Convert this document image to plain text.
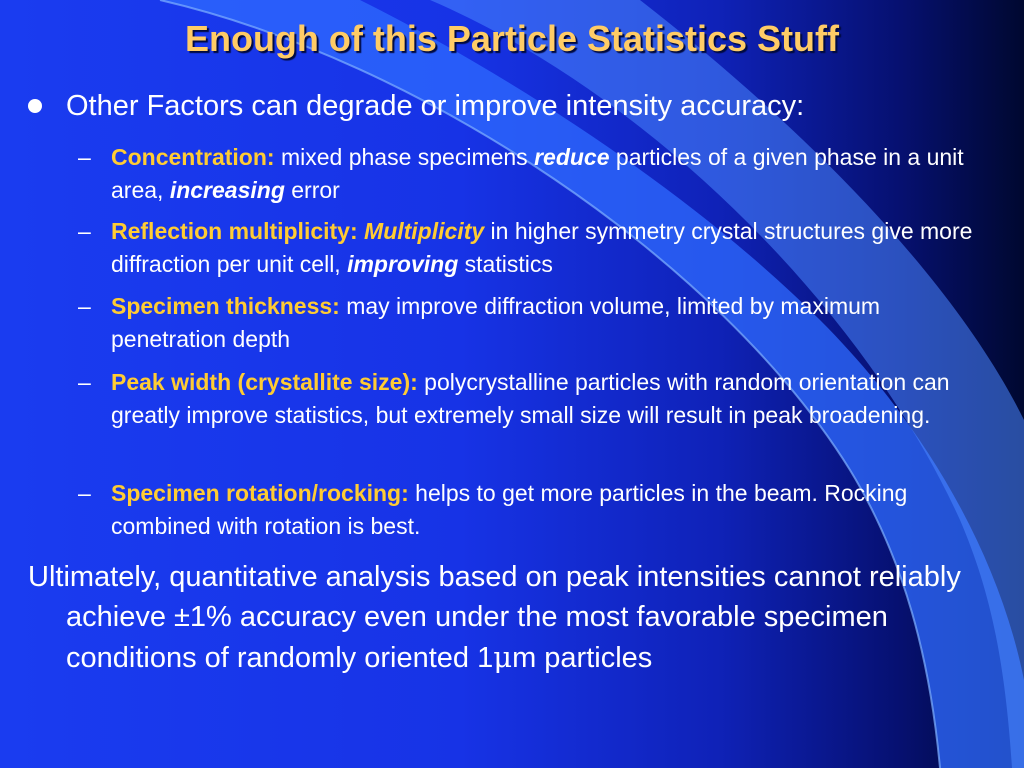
Enough of this Particle Statistics Stuff
Other Factors can degrade or improve intensity accuracy:
– Concentration: mixed phase specimens reduce particles of a given phase in a unit area, increasing error
– Reflection multiplicity: Multiplicity in higher symmetry crystal structures give more diffraction per unit cell, improving statistics
– Specimen thickness: may improve diffraction volume, limited by maximum penetration depth
– Peak width (crystallite size): polycrystalline particles with random orientation can greatly improve statistics, but extremely small size will result in peak broadening.
– Specimen rotation/rocking: helps to get more particles in the beam. Rocking combined with rotation is best.
Ultimately, quantitative analysis based on peak intensities cannot reliably achieve ±1% accuracy even under the most favorable specimen conditions of randomly oriented 1μm particles
